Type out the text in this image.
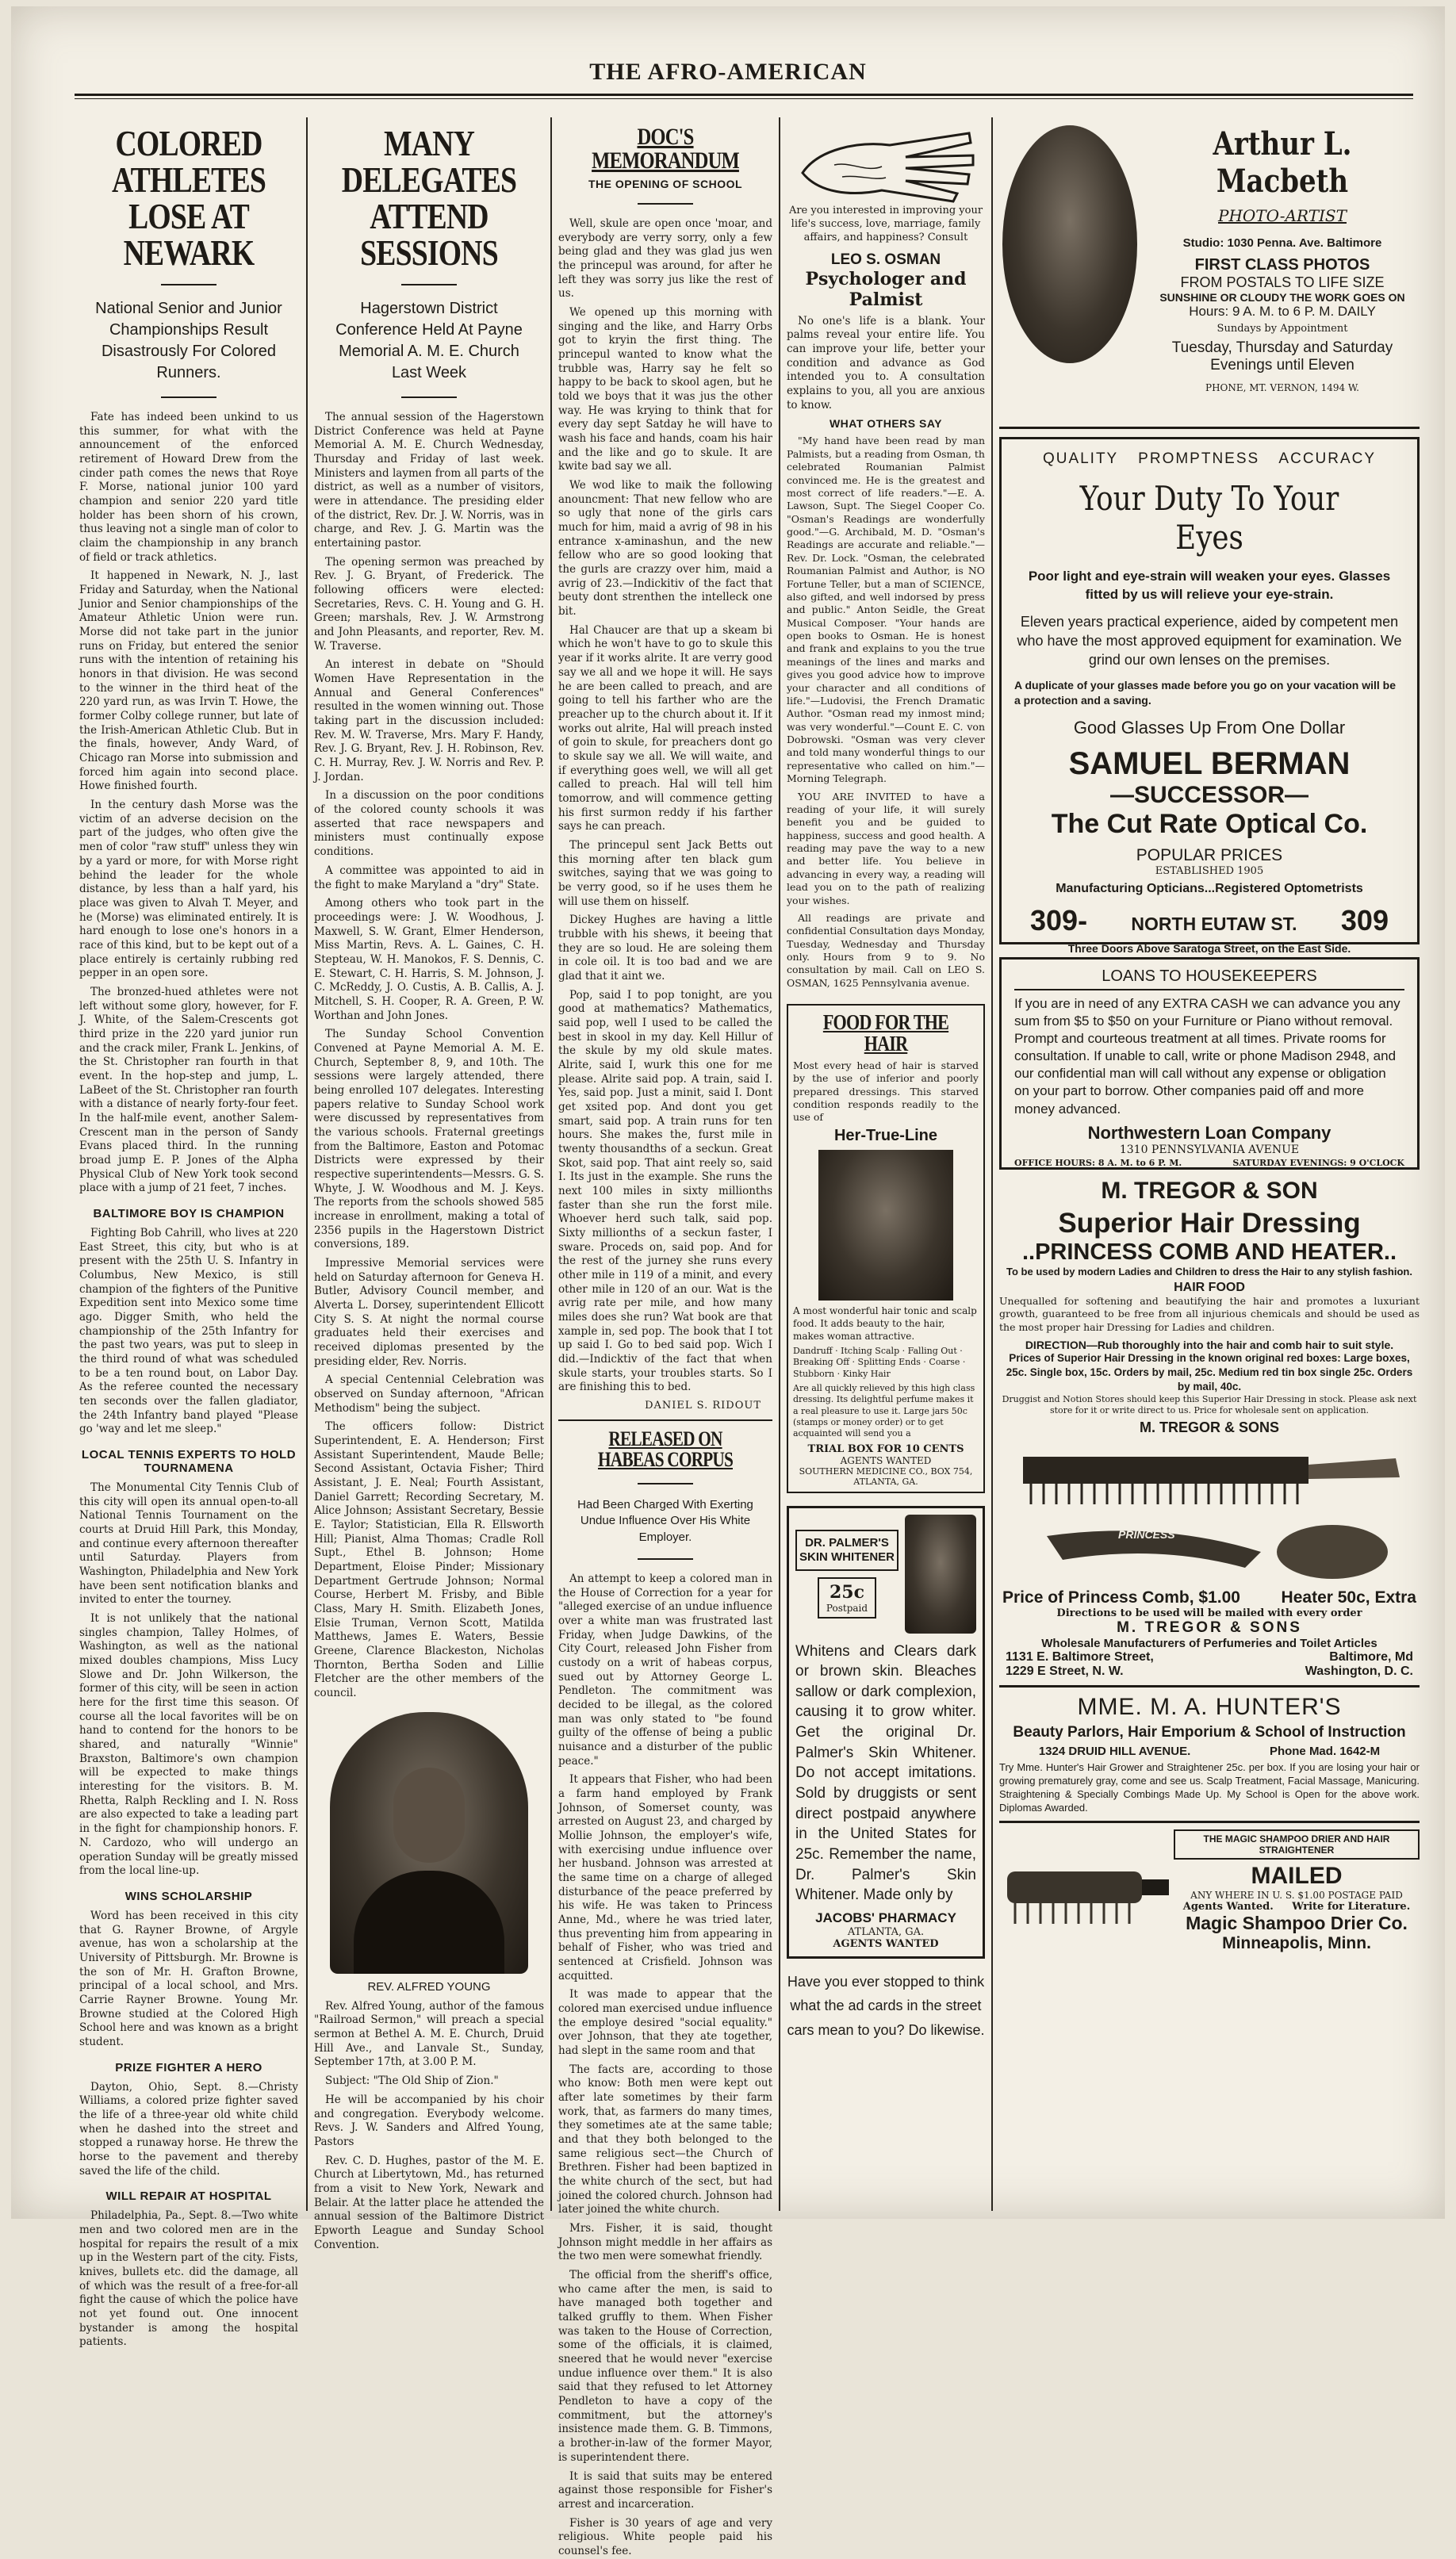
THE AFRO-AMERICAN
COLORED ATHLETES LOSE AT NEWARK
National Senior and Junior Championships Result Disastrously For Colored Runners.

Fate has indeed been unkind to us this summer, for what with the announcement of the enforced retirement of Howard Drew from the cinder path comes the news that Roye F. Morse, national junior 100 yard champion and senior 220 yard title holder has been shorn of his crown, thus leaving not a single man of color to claim the championship in any branch of field or track athletics.

It happened in Newark, N. J., last Friday and Saturday, when the National Junior and Senior championships of the Amateur Athletic Union were run. Morse did not take part in the junior runs on Friday, but entered the senior runs with the intention of retaining his honors in that division. He was second to the winner in the third heat of the 220 yard run, as was Irvin T. Howe, the former Colby college runner, but late of the Irish-American Athletic Club. But in the finals, however, Andy Ward, of Chicago ran Morse into submission and forced him again into second place. Howe finished fourth.

In the century dash Morse was the victim of an adverse decision on the part of the judges, who often give the men of color "raw stuff" unless they win by a yard or more, for with Morse right behind the leader for the whole distance, by less than a half yard, his place was given to Alvah T. Meyer, and he (Morse) was eliminated entirely. It is hard enough to lose one's honors in a race of this kind, but to be kept out of a place entirely is certainly rubbing red pepper in an open sore.

The bronzed-hued athletes were not left without some glory, however, for F. J. White, of the Salem-Crescents got third prize in the 220 yard junior run and the crack miler, Frank L. Jenkins, of the St. Christopher ran fourth in that event. In the hop-step and jump, L. LaBeet of the St. Christopher ran fourth with a distance of nearly forty-four feet. In the half-mile event, another Salem-Crescent man in the person of Sandy Evans placed third. In the running broad jump E. P. Jones of the Alpha Physical Club of New York took second place with a jump of 21 feet, 7 inches.

BALTIMORE BOY IS CHAMPION

Fighting Bob Cahrill, who lives at 220 East Street, this city, but who is at present with the 25th U. S. Infantry in Columbus, New Mexico, is still champion of the fighters of the Punitive Expedition sent into Mexico some time ago. Digger Smith, who held the championship of the 25th Infantry for the past two years, was put to sleep in the third round of what was scheduled to be a ten round bout, on Labor Day. As the referee counted the necessary ten seconds over the fallen gladiator, the 24th Infantry band played "Please go 'way and let me sleep."

LOCAL TENNIS EXPERTS TO HOLD TOURNAMENA

The Monumental City Tennis Club of this city will open its annual open-to-all National Tennis Tournament on the courts at Druid Hill Park, this Monday, and continue every afternoon thereafter until Saturday. Players from Washington, Philadelphia and New York have been sent notification blanks and invited to enter the tourney.

It is not unlikely that the national singles champion, Talley Holmes, of Washington, as well as the national mixed doubles champions, Miss Lucy Slowe and Dr. John Wilkerson, the former of this city, will be seen in action here for the first time this season. Of course all the local favorites will be on hand to contend for the honors to be shared, and naturally "Winnie" Braxston, Baltimore's own champion will be expected to make things interesting for the visitors. B. M. Rhetta, Ralph Reckling and I. N. Ross are also expected to take a leading part in the fight for championship honors. F. N. Cardozo, who will undergo an operation Sunday will be greatly missed from the local line-up.

WINS SCHOLARSHIP

Word has been received in this city that G. Rayner Browne, of Argyle avenue, has won a scholarship at the University of Pittsburgh. Mr. Browne is the son of Mr. H. Grafton Browne, principal of a local school, and Mrs. Carrie Rayner Browne. Young Mr. Browne studied at the Colored High School here and was known as a bright student.

PRIZE FIGHTER A HERO

Dayton, Ohio, Sept. 8.—Christy Williams, a colored prize fighter saved the life of a three-year old white child when he dashed into the street and stopped a runaway horse. He threw the horse to the pavement and thereby saved the life of the child.

WILL REPAIR AT HOSPITAL

Philadelphia, Pa., Sept. 8.—Two white men and two colored men are in the hospital for repairs the result of a mix up in the Western part of the city. Fists, knives, bullets etc. did the damage, all of which was the result of a free-for-all fight the cause of which the police have not yet found out. One innocent bystander is among the hospital patients.

MANY DELEGATES ATTEND SESSIONS
Hagerstown District Conference Held At Payne Memorial A. M. E. Church Last Week

The annual session of the Hagerstown District Conference was held at Payne Memorial A. M. E. Church Wednesday, Thursday and Friday of last week. Ministers and laymen from all parts of the district, as well as a number of visitors, were in attendance. The presiding elder of the district, Rev. Dr. J. W. Norris, was in charge, and Rev. J. G. Martin was the entertaining pastor.

The opening sermon was preached by Rev. J. G. Bryant, of Frederick. The following officers were elected: Secretaries, Revs. C. H. Young and G. H. Green; marshals, Rev. J. W. Armstrong and John Pleasants, and reporter, Rev. M. W. Traverse.

An interest in debate on "Should Women Have Representation in the Annual and General Conferences" resulted in the women winning out. Those taking part in the discussion included: Rev. M. W. Traverse, Mrs. Mary F. Handy, Rev. J. G. Bryant, Rev. J. H. Robinson, Rev. C. H. Murray, Rev. J. W. Norris and Rev. P. J. Jordan.

In a discussion on the poor conditions of the colored county schools it was asserted that race newspapers and ministers must continually expose conditions.

A committee was appointed to aid in the fight to make Maryland a "dry" State.

Among others who took part in the proceedings were: J. W. Woodhous, J. Maxwell, S. W. Grant, Elmer Henderson, Miss Martin, Revs. A. L. Gaines, C. H. Stepteau, W. H. Manokos, F. S. Dennis, C. E. Stewart, C. H. Harris, S. M. Johnson, J. C. McReddy, J. O. Custis, A. B. Callis, A. J. Mitchell, S. H. Cooper, R. A. Green, P. W. Worthan and John Jones.

The Sunday School Convention Convened at Payne Memorial A. M. E. Church, September 8, 9, and 10th. The sessions were largely attended, there being enrolled 107 delegates. Interesting papers relative to Sunday School work were discussed by representatives from the various schools. Fraternal greetings from the Baltimore, Easton and Potomac Districts were expressed by their respective superintendents—Messrs. G. S. Whyte, J. W. Woodhous and M. J. Keys. The reports from the schools showed 585 increase in enrollment, making a total of 2356 pupils in the Hagerstown District conversions, 189.

Impressive Memorial services were held on Saturday afternoon for Geneva H. Butler, Advisory Council member, and Alverta L. Dorsey, superintendent Ellicott City S. S. At night the normal course graduates held their exercises and received diplomas presented by the presiding elder, Rev. Norris.

A special Centennial Celebration was observed on Sunday afternoon, "African Methodism" being the subject.

The officers follow: District Superintendent, E. A. Henderson; First Assistant Superintendent, Maude Belle; Second Assistant, Octavia Fisher; Third Assistant, J. E. Neal; Fourth Assistant, Daniel Garrett; Recording Secretary, M. Alice Johnson; Assistant Secretary, Bessie E. Taylor; Statistician, Ella R. Ellsworth Hill; Pianist, Alma Thomas; Cradle Roll Supt., Ethel B. Johnson; Home Department, Eloise Pinder; Missionary Department Gertrude Johnson; Normal Course, Herbert M. Frisby, and Bible Class, Mary H. Smith. Elizabeth Jones, Elsie Truman, Vernon Scott, Matilda Matthews, James E. Waters, Bessie Greene, Clarence Blackeston, Nicholas Thornton, Bertha Soden and Lillie Fletcher are the other members of the council.

REV. ALFRED YOUNG

Rev. Alfred Young, author of the famous "Railroad Sermon," will preach a special sermon at Bethel A. M. E. Church, Druid Hill Ave., and Lanvale St., Sunday, September 17th, at 3.00 P. M.

Subject: "The Old Ship of Zion."

He will be accompanied by his choir and congregation. Everybody welcome. Revs. J. W. Sanders and Alfred Young, Pastors

Rev. C. D. Hughes, pastor of the M. E. Church at Libertytown, Md., has returned from a visit to New York, Newark and Belair. At the latter place he attended the annual session of the Baltimore District Epworth League and Sunday School Convention.

DOC'S MEMORANDUM
THE OPENING OF SCHOOL

Well, skule are open once 'moar, and everybody are verry sorry, only a few being glad and they was glad jus wen the princepul was around, for after he left they was sorry jus like the rest of us.

We opened up this morning with singing and the like, and Harry Orbs got to kryin the first thing. The princepul wanted to know what the trubble was, Harry say he felt so happy to be back to skool agen, but he told we boys that it was jus the other way. He was krying to think that for every day sept Satday he will have to wash his face and hands, coam his hair and the like and go to skule. It are kwite bad say we all.

We wod like to maik the following anouncment: That new fellow who are so ugly that none of the girls cars much for him, maid a avrig of 98 in his entrance x-aminashun, and the new fellow who are so good looking that the gurls are crazzy over him, maid a avrig of 23.—Indickitiv of the fact that beuty dont strenthen the intelleck one bit.

Hal Chaucer are that up a skeam bi which he won't have to go to skule this year if it works alrite. It are verry good say we all and we hope it will. He says he are been called to preach, and are going to tell his farther who are the preacher up to the church about it. If it works out alrite, Hal will preach insted of goin to skule, for preachers dont go to skule say we all. We will waite, and if everything goes well, we will all get called to preach. Hal will tell him tomorrow, and will commence getting his first surmon reddy if his farther says he can preach.

The princepul sent Jack Betts out this morning after ten black gum switches, saying that we was going to be verry good, so if he uses them he will use them on hisself.

Dickey Hughes are having a little trubble with his shews, it beeing that they are so loud. He are soleing them in cole oil. It is too bad and we are glad that it aint we.

Pop, said I to pop tonight, are you good at mathematics? Mathematics, said pop, well I used to be called the best in skool in my day. Kell Hillur of the skule by my old skule mates. Alrite, said I, wurk this one for me please. Alrite said pop. A train, said I. Yes, said pop. Just a minit, said I. Dont get xsited pop. And dont you get smart, said pop. A train runs for ten hours. She makes the, furst mile in twenty thousandths of a seckun. Great Skot, said pop. That aint reely so, said I. Its just in the example. She runs the next 100 miles in sixty millionths faster than she run the forst mile. Whoever herd such talk, said pop. Sixty millionths of a seckun faster, I sware. Proceds on, said pop. And for the rest of the jurney she runs every other mile in 119 of a minit, and every other mile in 120 of an our. Wat is the avrig rate per mile, and how many miles does she run? Wat book are that xample in, sed pop. The book that I tot up said I. Go to bed said pop. Wich I did.—Indicktiv of the fact that when skule starts, your troubles starts. So I are finishing this to bed.

DANIEL S. RIDOUT
RELEASED ON HABEAS CORPUS
Had Been Charged With Exerting Undue Influence Over His White Employer.

An attempt to keep a colored man in the House of Correction for a year for "alleged exercise of an undue influence over a white man was frustrated last Friday, when Judge Dawkins, of the City Court, released John Fisher from custody on a writ of habeas corpus, sued out by Attorney George L. Pendleton. The commitment was decided to be illegal, as the colored man was only stated to "be found guilty of the offense of being a public nuisance and a disturber of the public peace."

It appears that Fisher, who had been a farm hand employed by Frank Johnson, of Somerset county, was arrested on August 23, and charged by Mollie Johnson, the employer's wife, with exercising undue influence over her husband. Johnson was arrested at the same time on a charge of alleged disturbance of the peace preferred by his wife. He was taken to Princess Anne, Md., where he was tried later, thus preventing him from appearing in behalf of Fisher, who was tried and sentenced at Crisfield. Johnson was acquitted.

It was made to appear that the colored man exercised undue influence the employe desired "social equality." over Johnson, that they ate together, had slept in the same room and that

The facts are, according to those who know: Both men were kept out after late sometimes by their farm work, that, as farmers do many times, they sometimes ate at the same table; and that they both belonged to the same religious sect—the Church of Brethren. Fisher had been baptized in the white church of the sect, but had joined the colored church. Johnson had later joined the white church.

Mrs. Fisher, it is said, thought Johnson might meddle in her affairs as the two men were somewhat friendly.

The official from the sheriff's office, who came after the men, is said to have managed both together and talked gruffly to them. When Fisher was taken to the House of Correction, some of the officials, it is claimed, sneered that he would never "exercise undue influence over them." It is also said that they refused to let Attorney Pendleton to have a copy of the commitment, but the attorney's insistence made them. G. B. Timmons, a brother-in-law of the former Mayor, is superintendent there.

It is said that suits may be entered against those responsible for Fisher's arrest and incarceration.

Fisher is 30 years of age and very religious. White people paid his counsel's fee.

Are you interested in improving your life's success, love, marriage, family affairs, and happiness? Consult
LEO S. OSMAN
Psychologer and Palmist

No one's life is a blank. Your palms reveal your entire life. You can improve your life, better your condition and advance as God intended you to. A consultation explains to you, all you are anxious to know.

WHAT OTHERS SAY

"My hand have been read by man Palmists, but a reading from Osman, th celebrated Roumanian Palmist convinced me. He is the greatest and most correct of life readers."—E. A. Lawson, Supt. The Siegel Cooper Co. "Osman's Readings are wonderfully good."—G. Archibald, M. D. "Osman's Readings are accurate and reliable."—Rev. Dr. Lock. "Osman, the celebrated Roumanian Palmist and Author, is NO Fortune Teller, but a man of SCIENCE, also gifted, and well indorsed by press and public." Anton Seidle, the Great Musical Composer. "Your hands are open books to Osman. He is honest and frank and explains to you the true meanings of the lines and marks and gives you good advice how to improve your character and all conditions of life."—Ludovisi, the French Dramatic Author. "Osman read my inmost mind; was very wonderful."—Count E. C. von Dobrowski. "Osman was very clever and told many wonderful things to our representative who called on him."—Morning Telegraph.

YOU ARE INVITED to have a reading of your life, it will surely benefit you and be guided to happiness, success and good health. A reading may pave the way to a new and better life. You believe in advancing in every way, a reading will lead you on to the path of realizing your wishes.

All readings are private and confidential Consultation days Monday, Tuesday, Wednesday and Thursday only. Hours from 9 to 9. No consultation by mail. Call on LEO S. OSMAN, 1625 Pennsylvania avenue.

FOOD FOR THE HAIR
Most every head of hair is starved by the use of inferior and poorly prepared dressings. This starved condition responds readily to the use of
Her-True-Line
A most wonderful hair tonic and scalp food. It adds beauty to the hair, makes woman attractive.
Dandruff · Itching Scalp · Falling Out · Breaking Off · Splitting Ends · Coarse · Stubborn · Kinky Hair
Are all quickly relieved by this high class dressing. Its delightful perfume makes it a real pleasure to use it. Large jars 50c (stamps or money order) or to get acquainted will send you a
TRIAL BOX FOR 10 CENTS
AGENTS WANTED
SOUTHERN MEDICINE CO., BOX 754, ATLANTA, GA.
DR. PALMER'S SKIN WHITENER
25c
Postpaid
Whitens and Clears dark or brown skin. Bleaches sallow or dark complexion, causing it to grow whiter. Get the original Dr. Palmer's Skin Whitener. Do not accept imitations. Sold by druggists or sent direct postpaid anywhere in the United States for 25c. Remember the name, Dr. Palmer's Skin Whitener. Made only by
JACOBS' PHARMACY
ATLANTA, GA.
AGENTS WANTED
Have you ever stopped to think what the ad cards in the street cars mean to you? Do likewise.
Arthur L. Macbeth
PHOTO-ARTIST
Studio: 1030 Penna. Ave. Baltimore
FIRST CLASS PHOTOS
FROM POSTALS TO LIFE SIZE
SUNSHINE OR CLOUDY THE WORK GOES ON
Hours: 9 A. M. to 6 P. M. DAILY
Sundays by Appointment
Tuesday, Thursday and Saturday Evenings until Eleven
PHONE, MT. VERNON, 1494 W.
QUALITY PROMPTNESS ACCURACY
Your Duty To Your Eyes
Poor light and eye-strain will weaken your eyes. Glasses fitted by us will relieve your eye-strain.
Eleven years practical experience, aided by competent men who have the most approved equipment for examination. We grind our own lenses on the premises.
A duplicate of your glasses made before you go on your vacation will be a protection and a saving.
Good Glasses Up From One Dollar
SAMUEL BERMAN
—SUCCESSOR—
The Cut Rate Optical Co.
POPULAR PRICES
ESTABLISHED 1905
Manufacturing Opticians...Registered Optometrists
309- NORTH EUTAW ST. 309
Three Doors Above Saratoga Street, on the East Side.
LOANS TO HOUSEKEEPERS
If you are in need of any EXTRA CASH we can advance you any sum from $5 to $50 on your Furniture or Piano without removal. Prompt and courteous treatment at all times. Private rooms for consultation. If unable to call, write or phone Madison 2948, and our confidential man will call without any expense or obligation on your part to borrow. Other companies paid off and more money advanced.
Northwestern Loan Company
1310 PENNSYLVANIA AVENUE
OFFICE HOURS: 8 A. M. to 6 P. M.	SATURDAY EVENINGS: 9 O'CLOCK
M. TREGOR & SON
Superior Hair Dressing
..PRINCESS COMB AND HEATER..
To be used by modern Ladies and Children to dress the Hair to any stylish fashion.
HAIR FOOD
Unequalled for softening and beautifying the hair and promotes a luxuriant growth, guaranteed to be free from all injurious chemicals and should be used as the most proper hair Dressing for Ladies and children.
DIRECTION—Rub thoroughly into the hair and comb hair to suit style.
Prices of Superior Hair Dressing in the known original red boxes: Large boxes, 25c. Single box, 15c. Orders by mail, 25c. Medium red tin box single 25c. Orders by mail, 40c.
Druggist and Notion Stores should keep this Superior Hair Dressing in stock. Please ask next store for it or write direct to us. Price for wholesale sent on application.
M. TREGOR & SONS
PRINCESS
Price of Princess Comb, $1.00 Heater 50c, Extra
Directions to be used will be mailed with every order
M. TREGOR & SONS
Wholesale Manufacturers of Perfumeries and Toilet Articles
1131 E. Baltimore Street,	Baltimore, Md
1229 E Street, N. W.	Washington, D. C.
MME. M. A. HUNTER'S
Beauty Parlors, Hair Emporium & School of Instruction
1324 DRUID HILL AVENUE.	Phone Mad. 1642-M
Try Mme. Hunter's Hair Grower and Straightener 25c. per box. If you are losing your hair or growing prematurely gray, come and see us. Scalp Treatment, Facial Massage, Manicuring. Straightening & Specially Combings Made Up. My School is Open for the above work. Diplomas Awarded.
THE MAGIC SHAMPOO DRIER AND HAIR STRAIGHTENER
MAILED
ANY WHERE IN U. S. $1.00 POSTAGE PAID
Agents Wanted. Write for Literature.
Magic Shampoo Drier Co.
Minneapolis, Minn.
